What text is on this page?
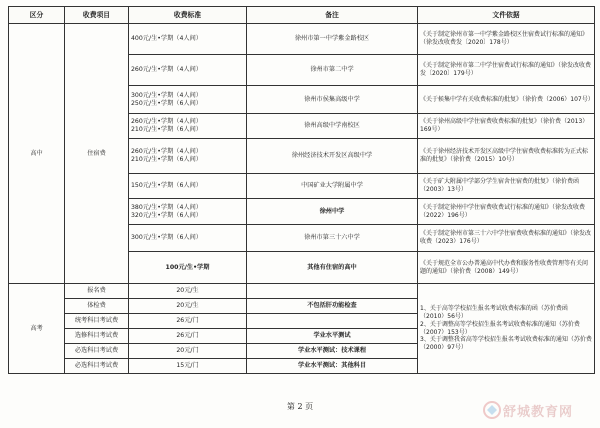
区分	收费项目	收费标准	备注	文件依据
高中	住宿费	400元/生•学期（4人间）	徐州市第一中学紫金路校区	《关于制定徐州市第一中学紫金路校区住宿费试行标准的通知》（徐发改收费发〔2020〕178号）

		260元/生•学期（4人间）	徐州市第二中学	《关于制定徐州市第二中学住宿费试行标准的通知》（徐发改收费发〔2020〕179号）

		300元/生•学期（4人间）
250元/生•学期（6人间）	徐州市侯集高级中学	《关于候集中学有关收费标准的批复》（徐价费（2006）107号）

		260元/生•学期（4人间）
210元/生•学期（6人间）	徐州高级中学南校区	《关于徐州高级中学住宿费收费标准的批复》（徐价费（2013）169号）

		260元/生•学期（4人间）
210元/生•学期（6人间）	徐州经济技术开发区高级中学	《关于徐州经济技术开发区高级中学住宿费收费标准转为正式标准的批复》（徐价费（2015）10号）

		150元/生•学期（6人间）	中国矿业大学附属中学	《关于矿大附属中学部分学生宿舍住宿费的批复》（徐价费函（2003）13号）

		380元/生•学期（4人间）
320元/生•学期（6人间）	徐州中学	《关于制定徐州中学住宿费收费试行标准的通知》（徐发改收费（2022）196号）

		300元/生•学期（6人间）	徐州市第三十六中学	《关于制定徐州市第三十六中学住宿费收费标准的通知》（徐发改收费（2023）176号）

		100元/生•学期	其他有住宿的高中	《关于规范全市公办普通高中代办费和服务性收费管理等有关问题的通知》（徐价费（2008）149号）
高考	报名费	20元/生		1、关于高等学校招生报名考试收费标准的函（苏价费函（2010）56号）
2、关于调整高等学校招生报名考试收费标准的通知（苏价费（2007）153号）
3、关于调整我省高等学校招生报名考试收费标准的通知（苏价费（2000）97号）
	体检费	20元/生	不包括肝功能检查	
	统考科目考试费	26元/门		
	选修科目考试费	26元/门	学业水平测试	
	必选科目考试费	20元/门	学业水平测试：技术课程	
	必选科目考试费	15元/门	学业水平测试：其他科目	
第 2 页	舒城教育网
